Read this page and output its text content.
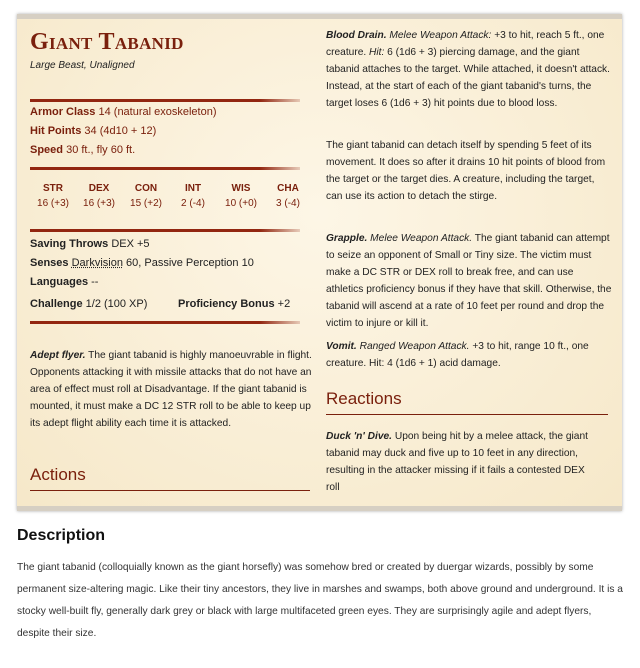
Giant Tabanid
Large Beast, Unaligned
Armor Class 14 (natural exoskeleton)
Hit Points 34 (4d10 + 12)
Speed 30 ft., fly 60 ft.
STR
16 (+3)
DEX
16 (+3)
CON
15 (+2)
INT
2 (-4)
WIS
10 (+0)
CHA
3 (-4)
Saving Throws DEX +5
Senses Darkvision 60, Passive Perception 10
Languages --
Challenge 1/2 (100 XP)	Proficiency Bonus +2
Adept flyer. The giant tabanid is highly manoeuvrable in flight. Opponents attacking it with missile attacks that do not have an area of effect must roll at Disadvantage. If the giant tabanid is mounted, it must make a DC 12 STR roll to be able to keep up its adept flight ability each time it is attacked.
Actions
Blood Drain. Melee Weapon Attack: +3 to hit, reach 5 ft., one creature. Hit: 6 (1d6 + 3) piercing damage, and the giant tabanid attaches to the target. While attached, it doesn't attack. Instead, at the start of each of the giant tabanid's turns, the target loses 6 (1d6 + 3) hit points due to blood loss.
The giant tabanid can detach itself by spending 5 feet of its movement. It does so after it drains 10 hit points of blood from the target or the target dies. A creature, including the target, can use its action to detach the stirge.
Grapple. Melee Weapon Attack. The giant tabanid can attempt to seize an opponent of Small or Tiny size. The victim must make a DC STR or DEX roll to break free, and can use athletics proficiency bonus if they have that skill. Otherwise, the tabanid will ascend at a rate of 10 feet per round and drop the victim to injure or kill it.
Vomit. Ranged Weapon Attack. +3 to hit, range 10 ft., one creature. Hit: 4 (1d6 + 1) acid damage.
Reactions
Duck 'n' Dive. Upon being hit by a melee attack, the giant tabanid may duck and five up to 10 feet in any direction, resulting in the attacker missing if it fails a contested DEX roll
Description
The giant tabanid (colloquially known as the giant horsefly) was somehow bred or created by duergar wizards, possibly by some permanent size-altering magic. Like their tiny ancestors, they live in marshes and swamps, both above ground and underground. It is a stocky well-built fly, generally dark grey or black with large multifaceted green eyes. They are surprisingly agile and adept flyers, despite their size.
